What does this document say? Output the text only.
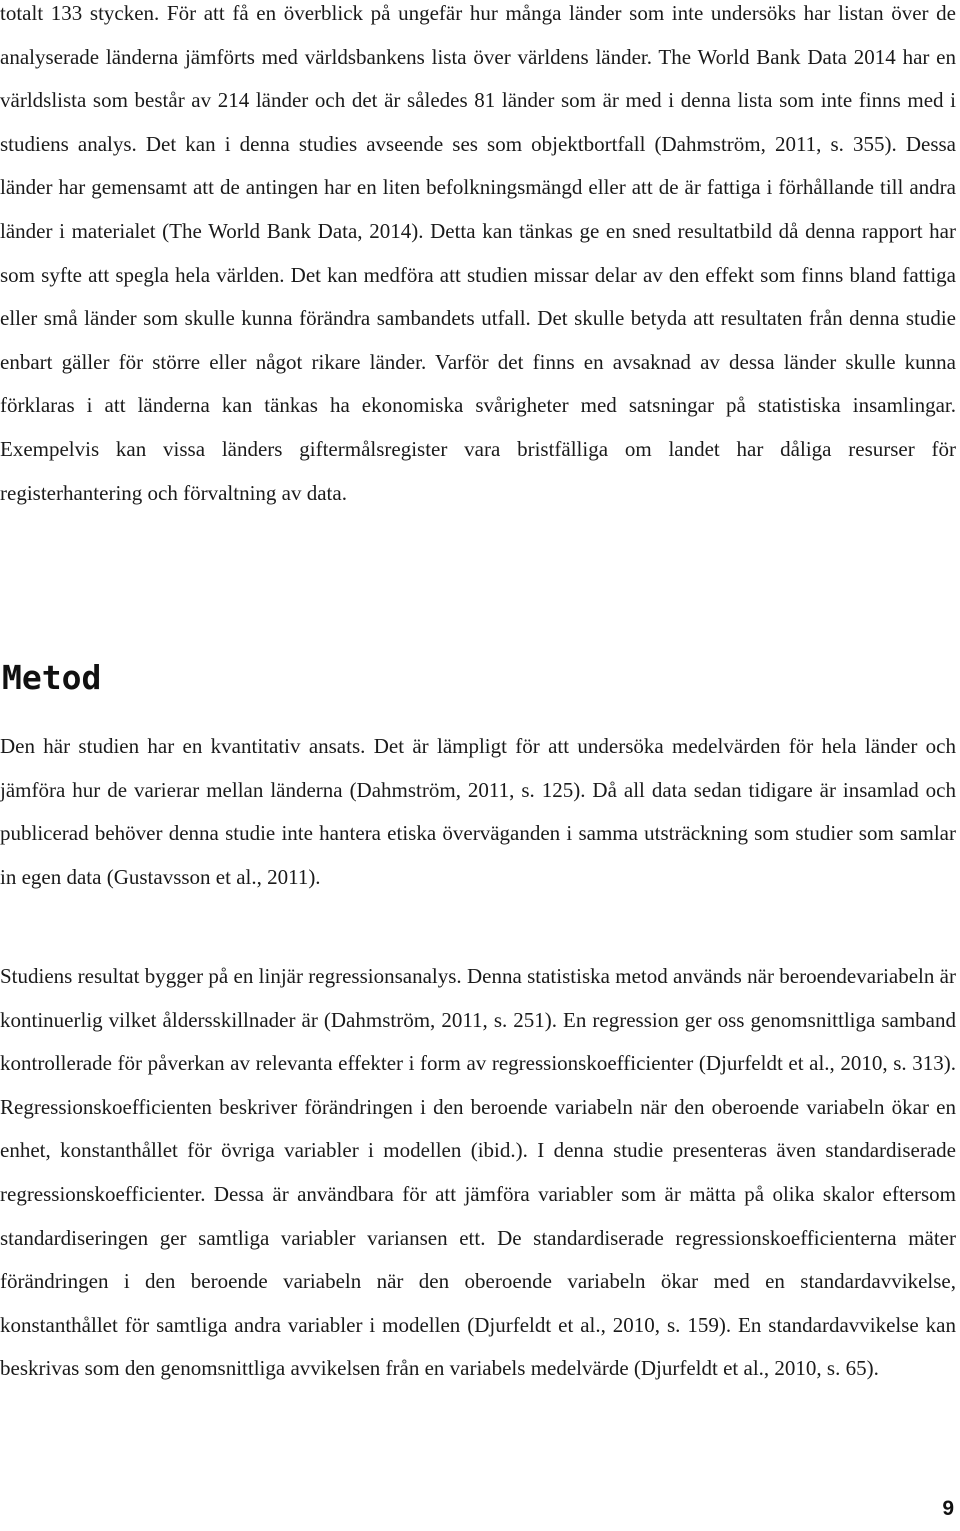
totalt 133 stycken. För att få en överblick på ungefär hur många länder som inte undersöks har listan över de analyserade länderna jämförts med världsbankens lista över världens länder. The World Bank Data 2014 har en världslista som består av 214 länder och det är således 81 länder som är med i denna lista som inte finns med i studiens analys. Det kan i denna studies avseende ses som objektbortfall (Dahmström, 2011, s. 355). Dessa länder har gemensamt att de antingen har en liten befolkningsmängd eller att de är fattiga i förhållande till andra länder i materialet (The World Bank Data, 2014). Detta kan tänkas ge en sned resultatbild då denna rapport har som syfte att spegla hela världen. Det kan medföra att studien missar delar av den effekt som finns bland fattiga eller små länder som skulle kunna förändra sambandets utfall. Det skulle betyda att resultaten från denna studie enbart gäller för större eller något rikare länder. Varför det finns en avsaknad av dessa länder skulle kunna förklaras i att länderna kan tänkas ha ekonomiska svårigheter med satsningar på statistiska insamlingar. Exempelvis kan vissa länders giftermålsregister vara bristfälliga om landet har dåliga resurser för registerhantering och förvaltning av data.

Metod

Den här studien har en kvantitativ ansats. Det är lämpligt för att undersöka medelvärden för hela länder och jämföra hur de varierar mellan länderna (Dahmström, 2011, s. 125). Då all data sedan tidigare är insamlad och publicerad behöver denna studie inte hantera etiska överväganden i samma utsträckning som studier som samlar in egen data (Gustavsson et al., 2011).

Studiens resultat bygger på en linjär regressionsanalys. Denna statistiska metod används när beroendevariabeln är kontinuerlig vilket åldersskillnader är (Dahmström, 2011, s. 251). En regression ger oss genomsnittliga samband kontrollerade för påverkan av relevanta effekter i form av regressionskoefficienter (Djurfeldt et al., 2010, s. 313). Regressionskoefficienten beskriver förändringen i den beroende variabeln när den oberoende variabeln ökar en enhet, konstanthållet för övriga variabler i modellen (ibid.). I denna studie presenteras även standardiserade regressionskoefficienter. Dessa är användbara för att jämföra variabler som är mätta på olika skalor eftersom standardiseringen ger samtliga variabler variansen ett. De standardiserade regressionskoefficienterna mäter förändringen i den beroende variabeln när den oberoende variabeln ökar med en standardavvikelse, konstanthållet för samtliga andra variabler i modellen (Djurfeldt et al., 2010, s. 159). En standardavvikelse kan beskrivas som den genomsnittliga avvikelsen från en variabels medelvärde (Djurfeldt et al., 2010, s. 65).

9
